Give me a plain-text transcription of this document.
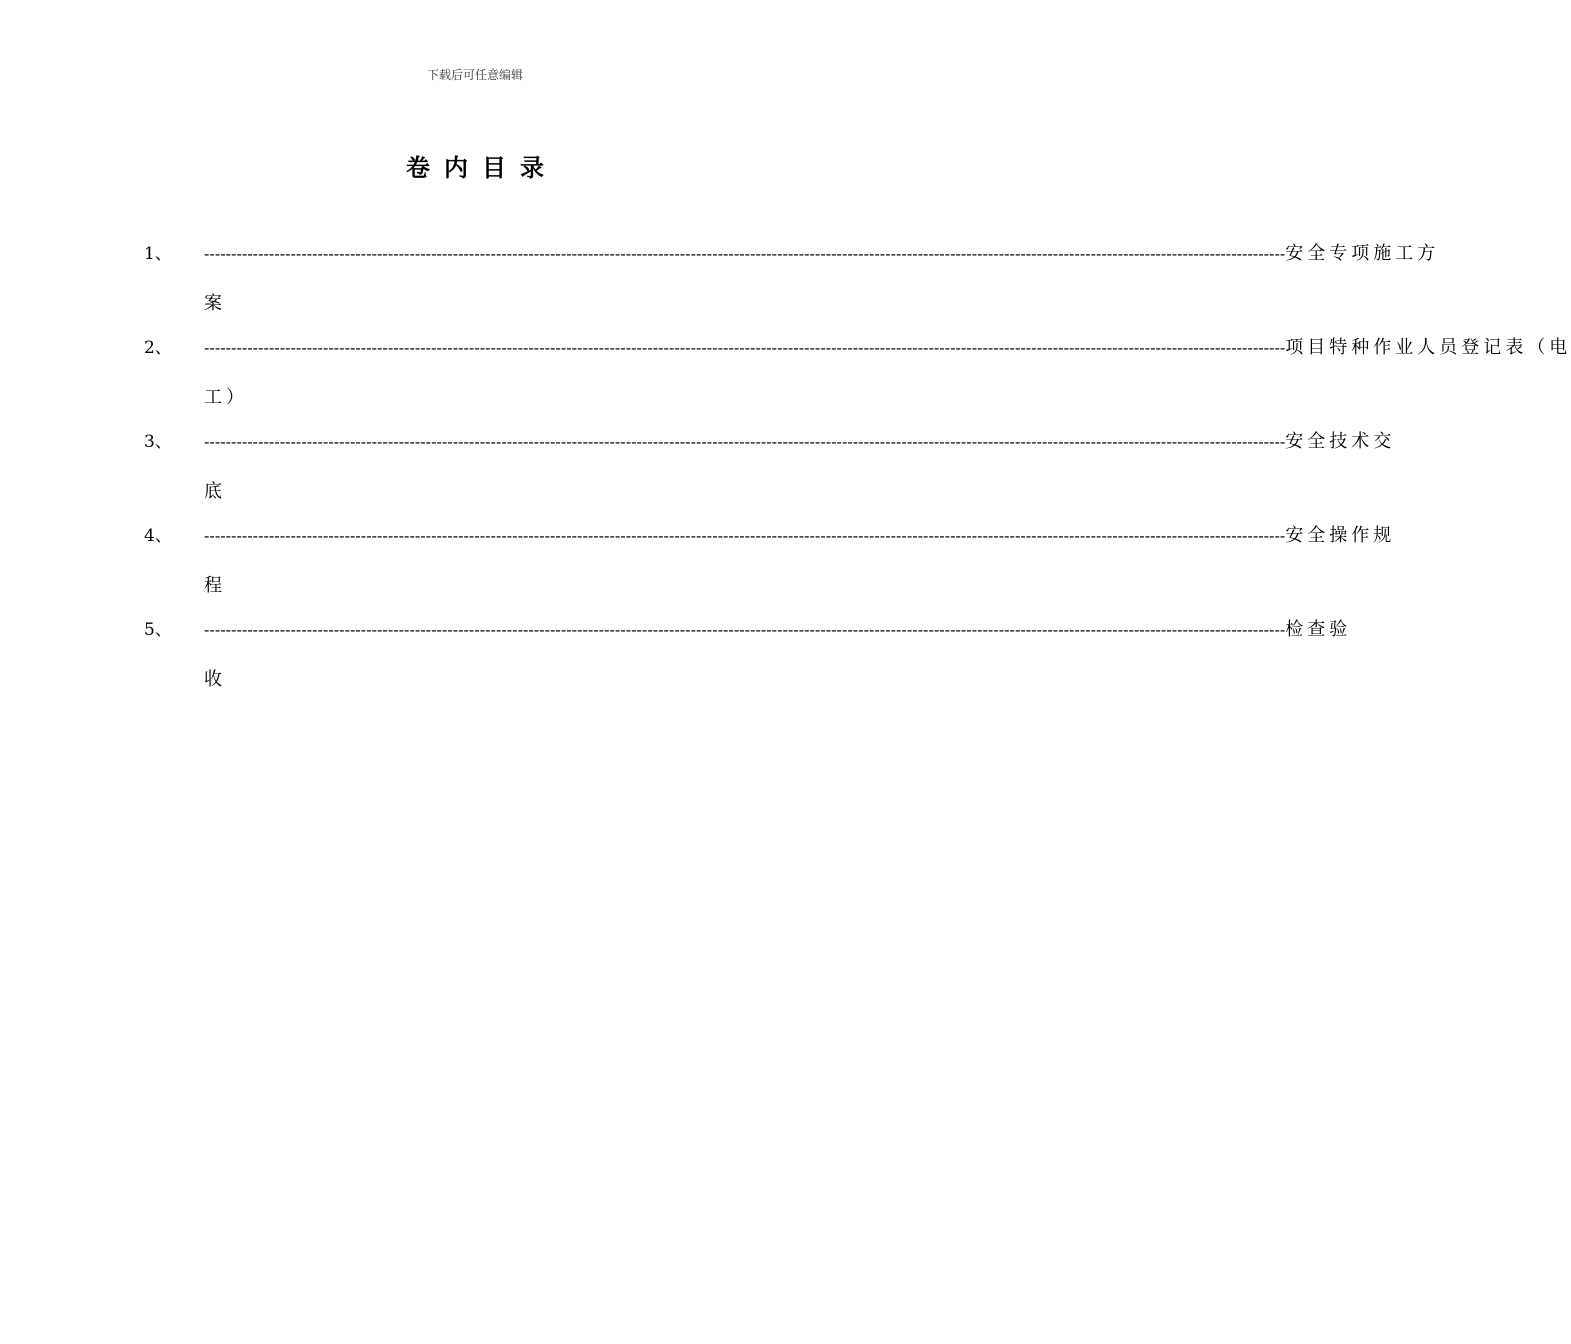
下载后可任意编辑
卷内目录
1、 -------------------------------------------------------------------------------------------------------------------------------------------------------------------------------------------------------- 安全专项施工方
案
2、 -------------------------------------------------------------------------------------------------------------------------------------------------------------------------------------------------------- 项目特种作业人员登记表（电
工）
3、 -------------------------------------------------------------------------------------------------------------------------------------------------------------------------------------------------------- 安全技术交
底
4、 -------------------------------------------------------------------------------------------------------------------------------------------------------------------------------------------------------- 安全操作规
程
5、 -------------------------------------------------------------------------------------------------------------------------------------------------------------------------------------------------------- 检查验
收
